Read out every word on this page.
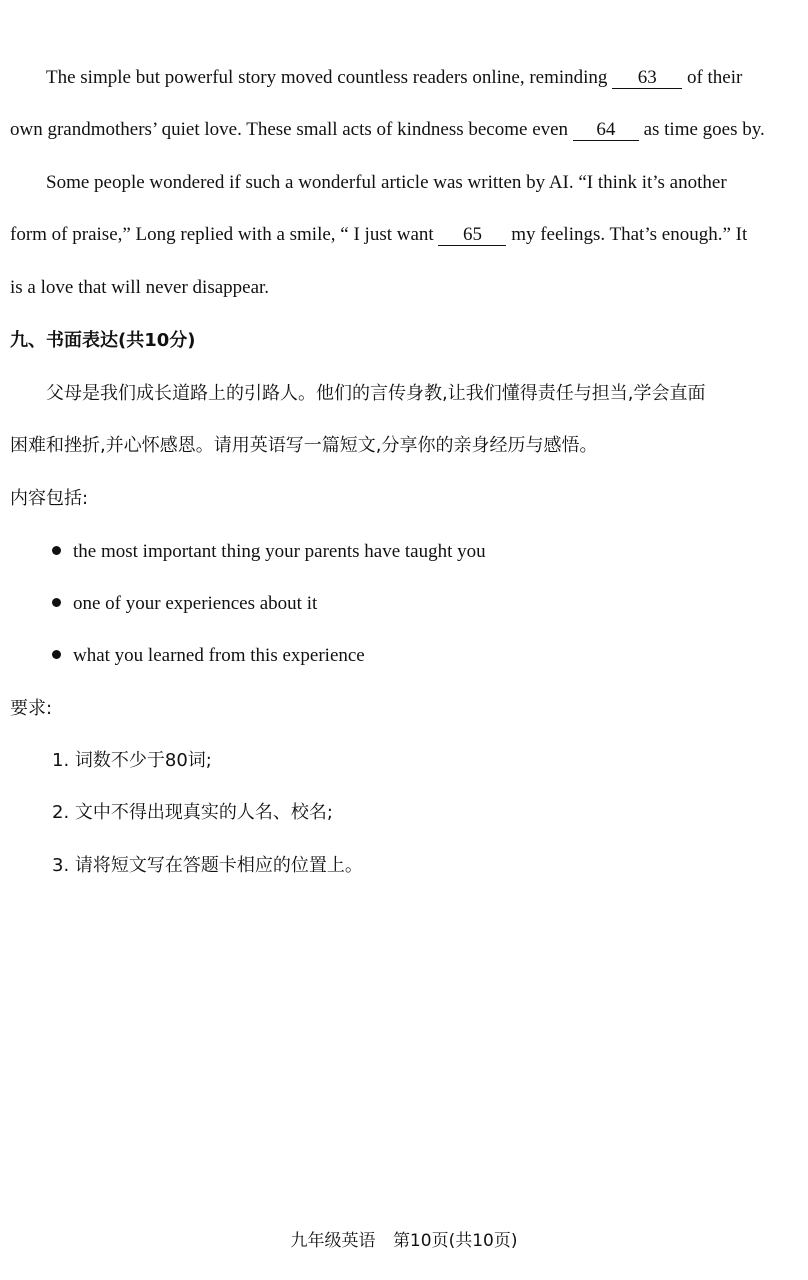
The simple but powerful story moved countless readers online, reminding 63 of their
own grandmothers’ quiet love. These small acts of kindness become even 64 as time goes by.
Some people wondered if such a wonderful article was written by AI. “I think it’s another
form of praise,” Long replied with a smile, “ I just want 65 my feelings. That’s enough.” It
is a love that will never disappear.
九、书面表达(共10分)
父母是我们成长道路上的引路人。他们的言传身教,让我们懂得责任与担当,学会直面
困难和挫折,并心怀感恩。请用英语写一篇短文,分享你的亲身经历与感悟。
内容包括:
the most important thing your parents have taught you
one of your experiences about it
what you learned from this experience
要求:
1. 词数不少于80词;
2. 文中不得出现真实的人名、校名;
3. 请将短文写在答题卡相应的位置上。
九年级英语 第10页(共10页)
